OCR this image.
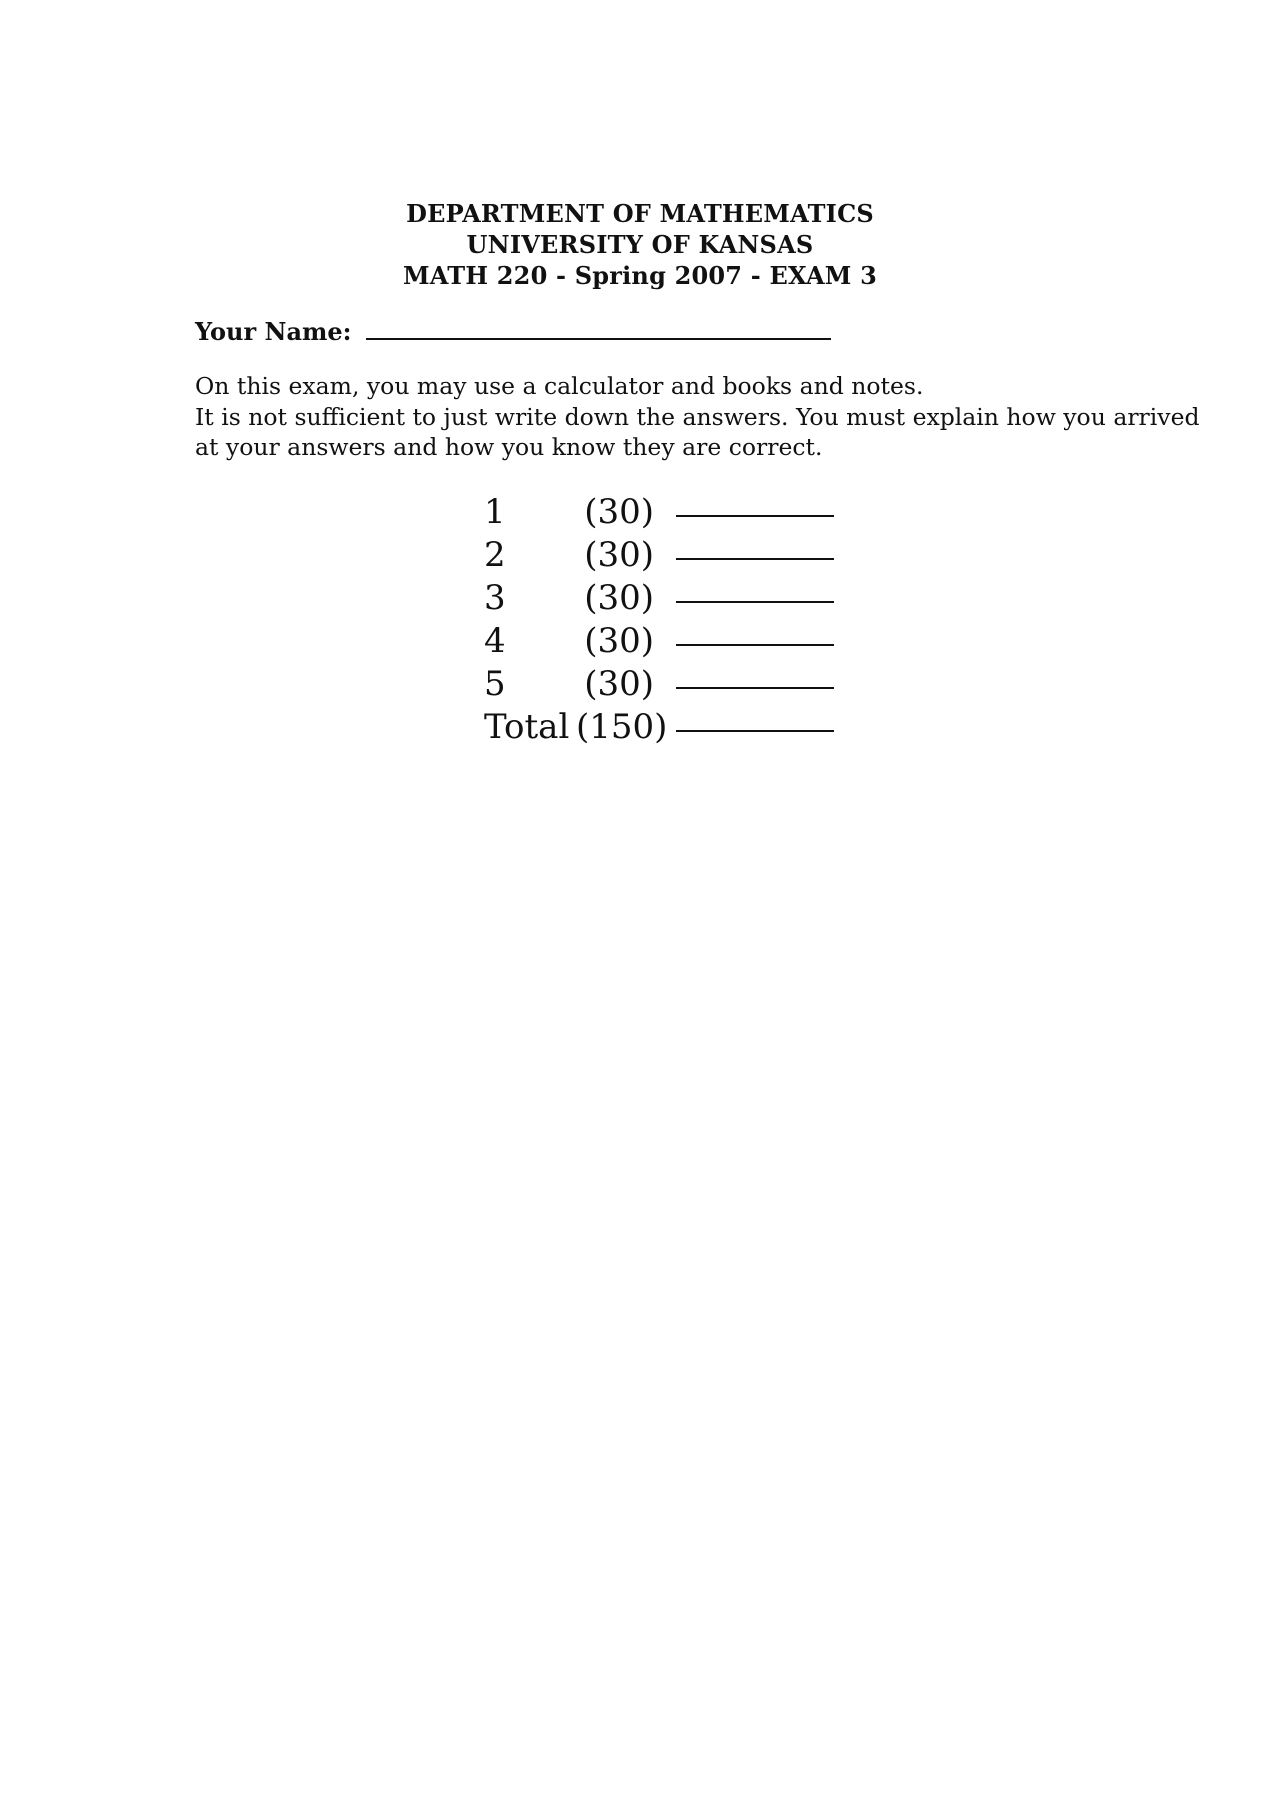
DEPARTMENT OF MATHEMATICS
UNIVERSITY OF KANSAS
MATH 220 - Spring 2007 - EXAM 3
Your Name:
On this exam, you may use a calculator and books and notes.
It is not sufficient to just write down the answers. You must explain how you arrived
at your answers and how you know they are correct.
1	(30)
2	(30)
3	(30)
4	(30)
5	(30)
Total (150)
